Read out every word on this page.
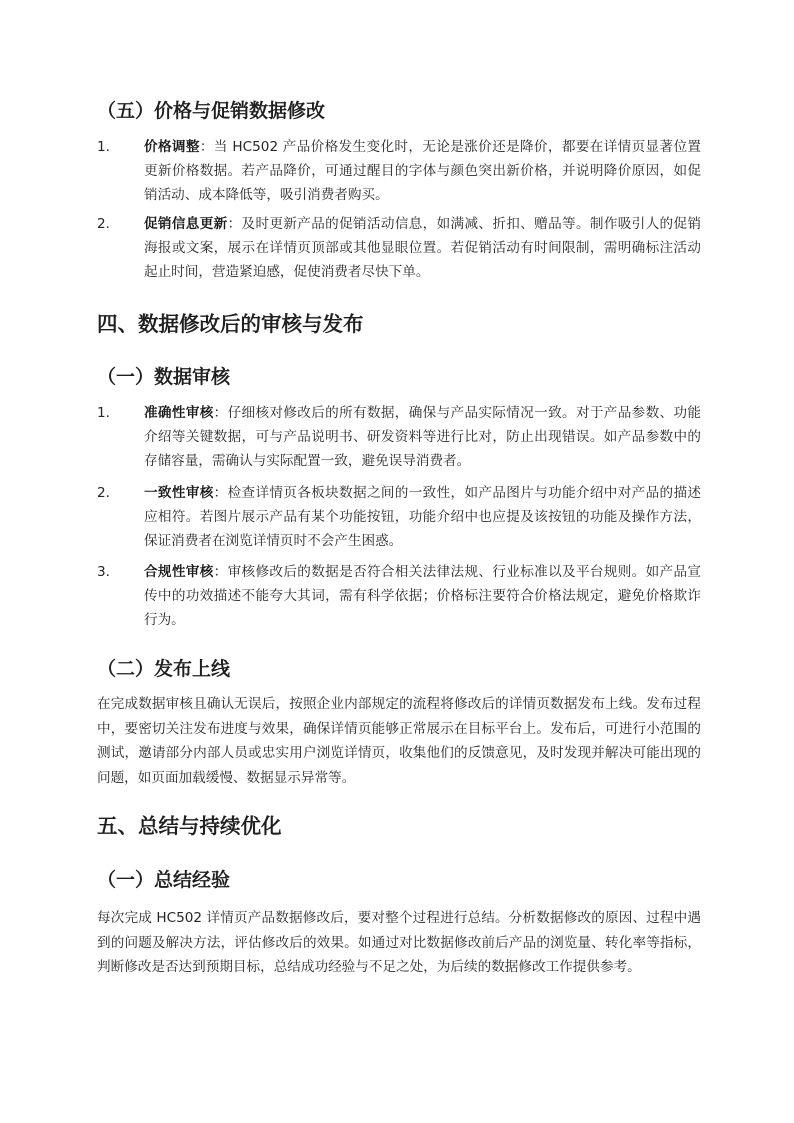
（五）价格与促销数据修改
1.	价格调整：当 HC502 产品价格发生变化时，无论是涨价还是降价，都要在详情页显著位置更新价格数据。若产品降价，可通过醒目的字体与颜色突出新价格，并说明降价原因，如促销活动、成本降低等，吸引消费者购买。
2.	促销信息更新：及时更新产品的促销活动信息，如满减、折扣、赠品等。制作吸引人的促销海报或文案，展示在详情页顶部或其他显眼位置。若促销活动有时间限制，需明确标注活动起止时间，营造紧迫感，促使消费者尽快下单。
四、数据修改后的审核与发布
（一）数据审核
1.	准确性审核：仔细核对修改后的所有数据，确保与产品实际情况一致。对于产品参数、功能介绍等关键数据，可与产品说明书、研发资料等进行比对，防止出现错误。如产品参数中的存储容量，需确认与实际配置一致，避免误导消费者。
2.	一致性审核：检查详情页各板块数据之间的一致性，如产品图片与功能介绍中对产品的描述应相符。若图片展示产品有某个功能按钮，功能介绍中也应提及该按钮的功能及操作方法，保证消费者在浏览详情页时不会产生困惑。
3.	合规性审核：审核修改后的数据是否符合相关法律法规、行业标准以及平台规则。如产品宣传中的功效描述不能夸大其词，需有科学依据；价格标注要符合价格法规定，避免价格欺诈行为。
（二）发布上线

在完成数据审核且确认无误后，按照企业内部规定的流程将修改后的详情页数据发布上线。发布过程中，要密切关注发布进度与效果，确保详情页能够正常展示在目标平台上。发布后，可进行小范围的测试，邀请部分内部人员或忠实用户浏览详情页，收集他们的反馈意见，及时发现并解决可能出现的问题，如页面加载缓慢、数据显示异常等。

五、总结与持续优化
（一）总结经验

每次完成 HC502 详情页产品数据修改后，要对整个过程进行总结。分析数据修改的原因、过程中遇到的问题及解决方法，评估修改后的效果。如通过对比数据修改前后产品的浏览量、转化率等指标，判断修改是否达到预期目标，总结成功经验与不足之处，为后续的数据修改工作提供参考。
